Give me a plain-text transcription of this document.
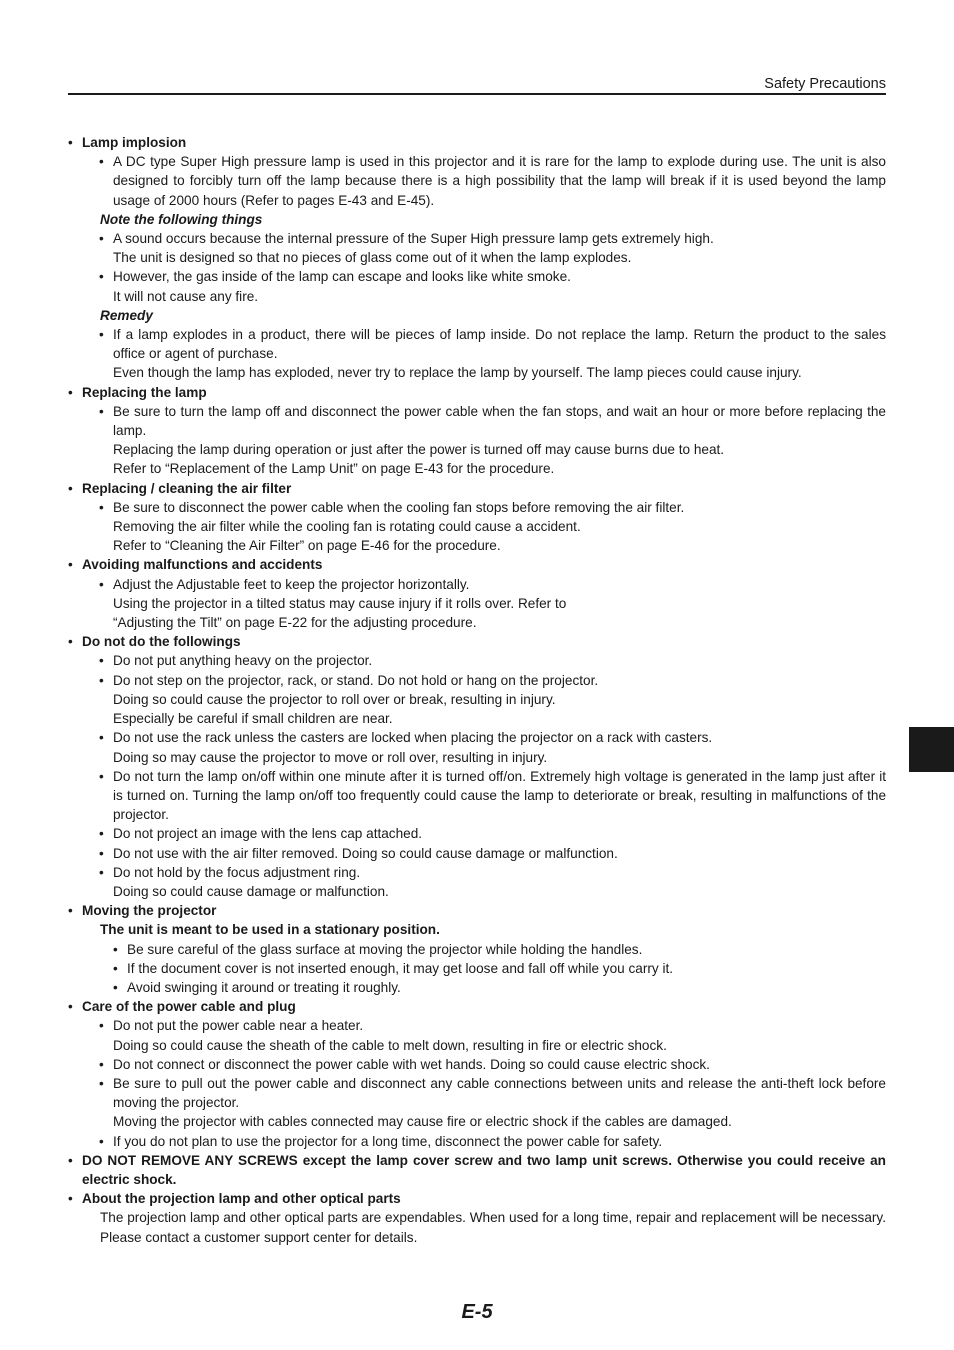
Safety Precautions
• Lamp implosion
• A DC type Super High pressure lamp is used in this projector and it is rare for the lamp to explode during use. The unit is also designed to forcibly turn off the lamp because there is a high possibility that the lamp will break if it is used beyond the lamp usage of 2000 hours (Refer to pages E-43 and E-45).
Note the following things
• A sound occurs because the internal pressure of the Super High pressure lamp gets extremely high.
The unit is designed so that no pieces of glass come out of it when the lamp explodes.
• However, the gas inside of the lamp can escape and looks like white smoke.
It will not cause any fire.
Remedy
• If a lamp explodes in a product, there will be pieces of lamp inside. Do not replace the lamp. Return the product to the sales office or agent of purchase.
Even though the lamp has exploded, never try to replace the lamp by yourself. The lamp pieces could cause injury.
• Replacing the lamp
• Be sure to turn the lamp off and disconnect the power cable when the fan stops, and wait an hour or more before replacing the lamp.
Replacing the lamp during operation or just after the power is turned off may cause burns due to heat.
Refer to “Replacement of the Lamp Unit” on page E-43 for the procedure.
• Replacing / cleaning the air filter
• Be sure to disconnect the power cable when the cooling fan stops before removing the air filter.
Removing the air filter while the cooling fan is rotating could cause a accident.
Refer to “Cleaning the Air Filter” on page E-46 for the procedure.
• Avoiding malfunctions and accidents
• Adjust the Adjustable feet to keep the projector horizontally.
Using the projector in a tilted status may cause injury if it rolls over. Refer to
“Adjusting the Tilt” on page E-22 for the adjusting procedure.
• Do not do the followings
• Do not put anything heavy on the projector.
• Do not step on the projector, rack, or stand. Do not hold or hang on the projector.
Doing so could cause the projector to roll over or break, resulting in injury.
Especially be careful if small children are near.
• Do not use the rack unless the casters are locked when placing the projector on a rack with casters.
Doing so may cause the projector to move or roll over, resulting in injury.
• Do not turn the lamp on/off within one minute after it is turned off/on. Extremely high voltage is generated in the lamp just after it is turned on. Turning the lamp on/off too frequently could cause the lamp to deteriorate or break, resulting in malfunctions of the projector.
• Do not project an image with the lens cap attached.
• Do not use with the air filter removed. Doing so could cause damage or malfunction.
• Do not hold by the focus adjustment ring.
Doing so could cause damage or malfunction.
• Moving the projector
The unit is meant to be used in a stationary position.
• Be sure careful of the glass surface at moving the projector while holding the handles.
• If the document cover is not inserted enough, it may get loose and fall off while you carry it.
• Avoid swinging it around or treating it roughly.
• Care of the power cable and plug
• Do not put the power cable near a heater.
Doing so could cause the sheath of the cable to melt down, resulting in fire or electric shock.
• Do not connect or disconnect the power cable with wet hands. Doing so could cause electric shock.
• Be sure to pull out the power cable and disconnect any cable connections between units and release the anti-theft lock before moving the projector.
Moving the projector with cables connected may cause fire or electric shock if the cables are damaged.
• If you do not plan to use the projector for a long time, disconnect the power cable for safety.
• DO NOT REMOVE ANY SCREWS except the lamp cover screw and two lamp unit screws. Otherwise you could receive an electric shock.
• About the projection lamp and other optical parts
The projection lamp and other optical parts are expendables. When used for a long time, repair and replacement will be necessary. Please contact a customer support center for details.
E-5
